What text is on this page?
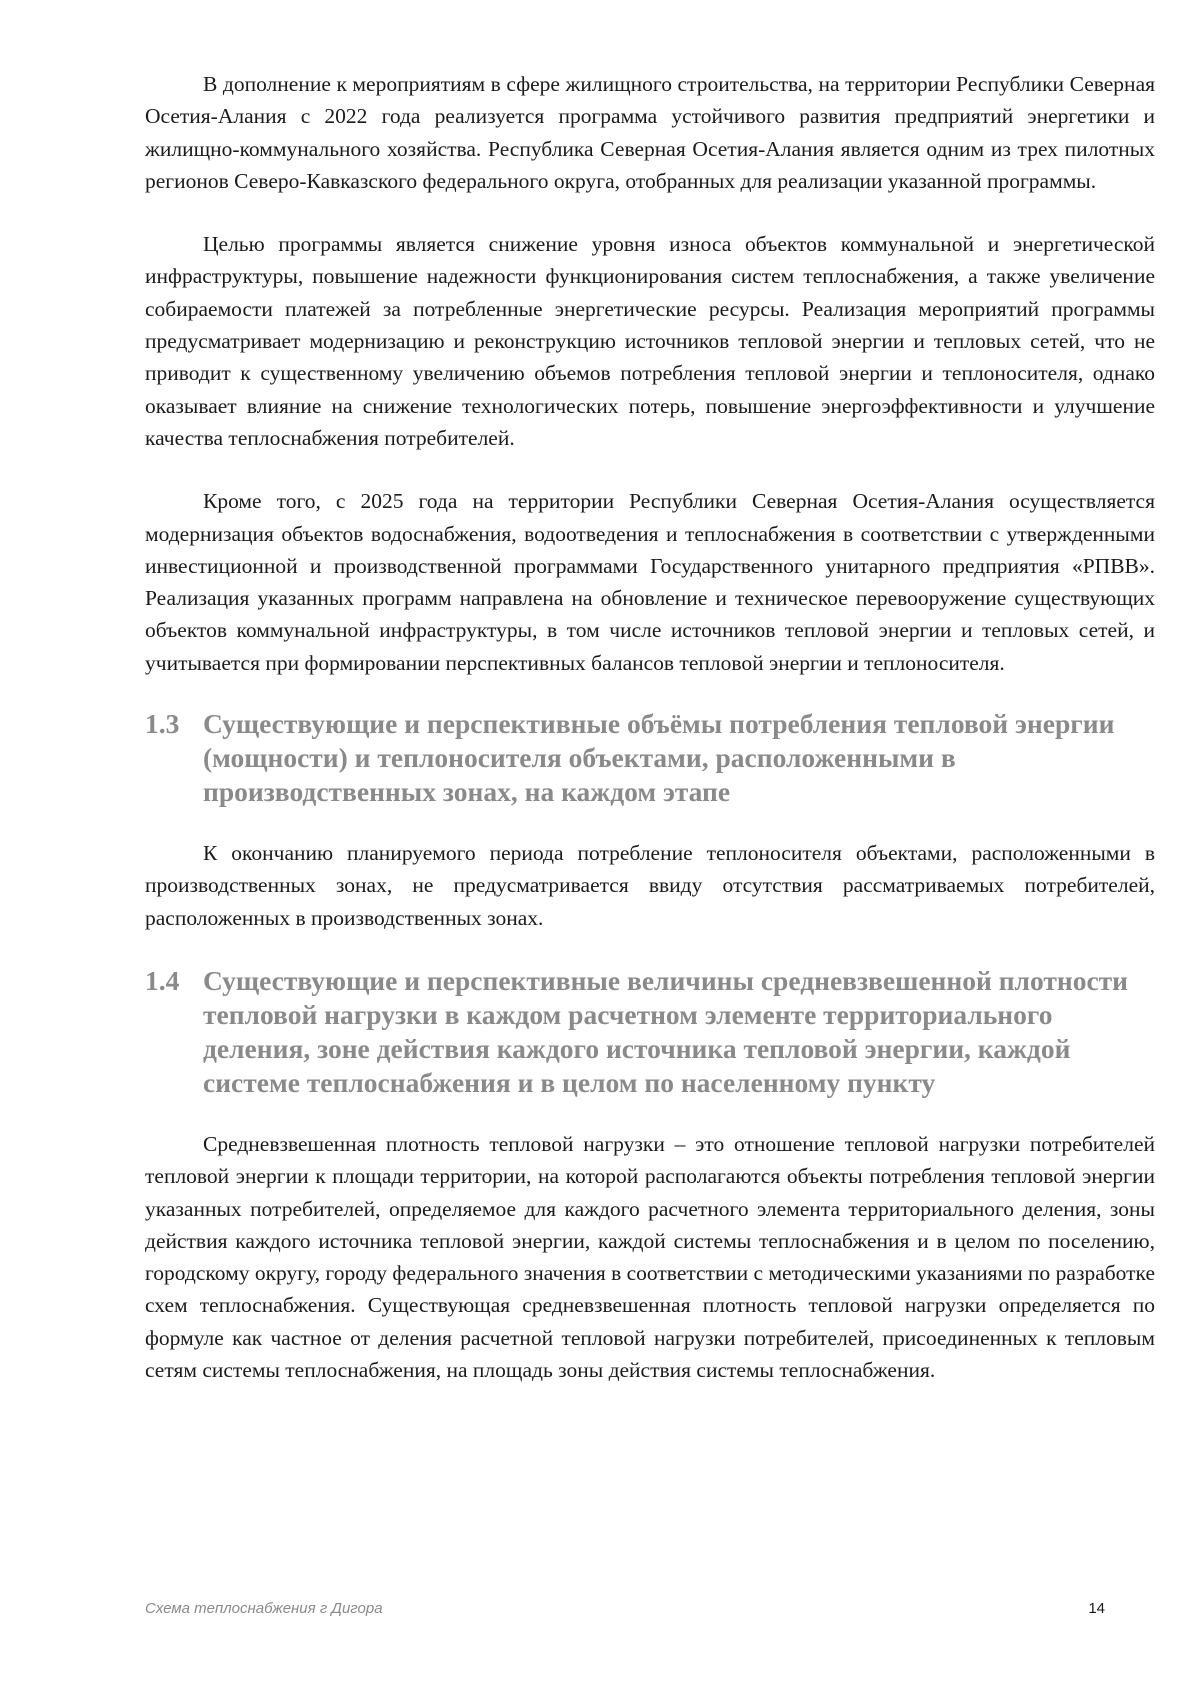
В дополнение к мероприятиям в сфере жилищного строительства, на территории Республики Северная Осетия-Алания с 2022 года реализуется программа устойчивого развития предприятий энергетики и жилищно-коммунального хозяйства. Республика Северная Осетия-Алания является одним из трех пилотных регионов Северо-Кавказского федерального округа, отобранных для реализации указанной программы.

Целью программы является снижение уровня износа объектов коммунальной и энергетической инфраструктуры, повышение надежности функционирования систем теплоснабжения, а также увеличение собираемости платежей за потребленные энергетические ресурсы. Реализация мероприятий программы предусматривает модернизацию и реконструкцию источников тепловой энергии и тепловых сетей, что не приводит к существенному увеличению объемов потребления тепловой энергии и теплоносителя, однако оказывает влияние на снижение технологических потерь, повышение энергоэффективности и улучшение качества теплоснабжения потребителей.

Кроме того, с 2025 года на территории Республики Северная Осетия-Алания осуществляется модернизация объектов водоснабжения, водоотведения и теплоснабжения в соответствии с утвержденными инвестиционной и производственной программами Государственного унитарного предприятия «РПВВ». Реализация указанных программ направлена на обновление и техническое перевооружение существующих объектов коммунальной инфраструктуры, в том числе источников тепловой энергии и тепловых сетей, и учитывается при формировании перспективных балансов тепловой энергии и теплоносителя.

1.3 Существующие и перспективные объёмы потребления тепловой энергии (мощности) и теплоносителя объектами, расположенными в производственных зонах, на каждом этапе

К окончанию планируемого периода потребление теплоносителя объектами, расположенными в производственных зонах, не предусматривается ввиду отсутствия рассматриваемых потребителей, расположенных в производственных зонах.

1.4 Существующие и перспективные величины средневзвешенной плотности тепловой нагрузки в каждом расчетном элементе территориального деления, зоне действия каждого источника тепловой энергии, каждой системе теплоснабжения и в целом по населенному пункту

Средневзвешенная плотность тепловой нагрузки – это отношение тепловой нагрузки потребителей тепловой энергии к площади территории, на которой располагаются объекты потребления тепловой энергии указанных потребителей, определяемое для каждого расчетного элемента территориального деления, зоны действия каждого источника тепловой энергии, каждой системы теплоснабжения и в целом по поселению, городскому округу, городу федерального значения в соответствии с методическими указаниями по разработке схем теплоснабжения. Существующая средневзвешенная плотность тепловой нагрузки определяется по формуле как частное от деления расчетной тепловой нагрузки потребителей, присоединенных к тепловым сетям системы теплоснабжения, на площадь зоны действия системы теплоснабжения.

Схема теплоснабжения г Дигора	14
